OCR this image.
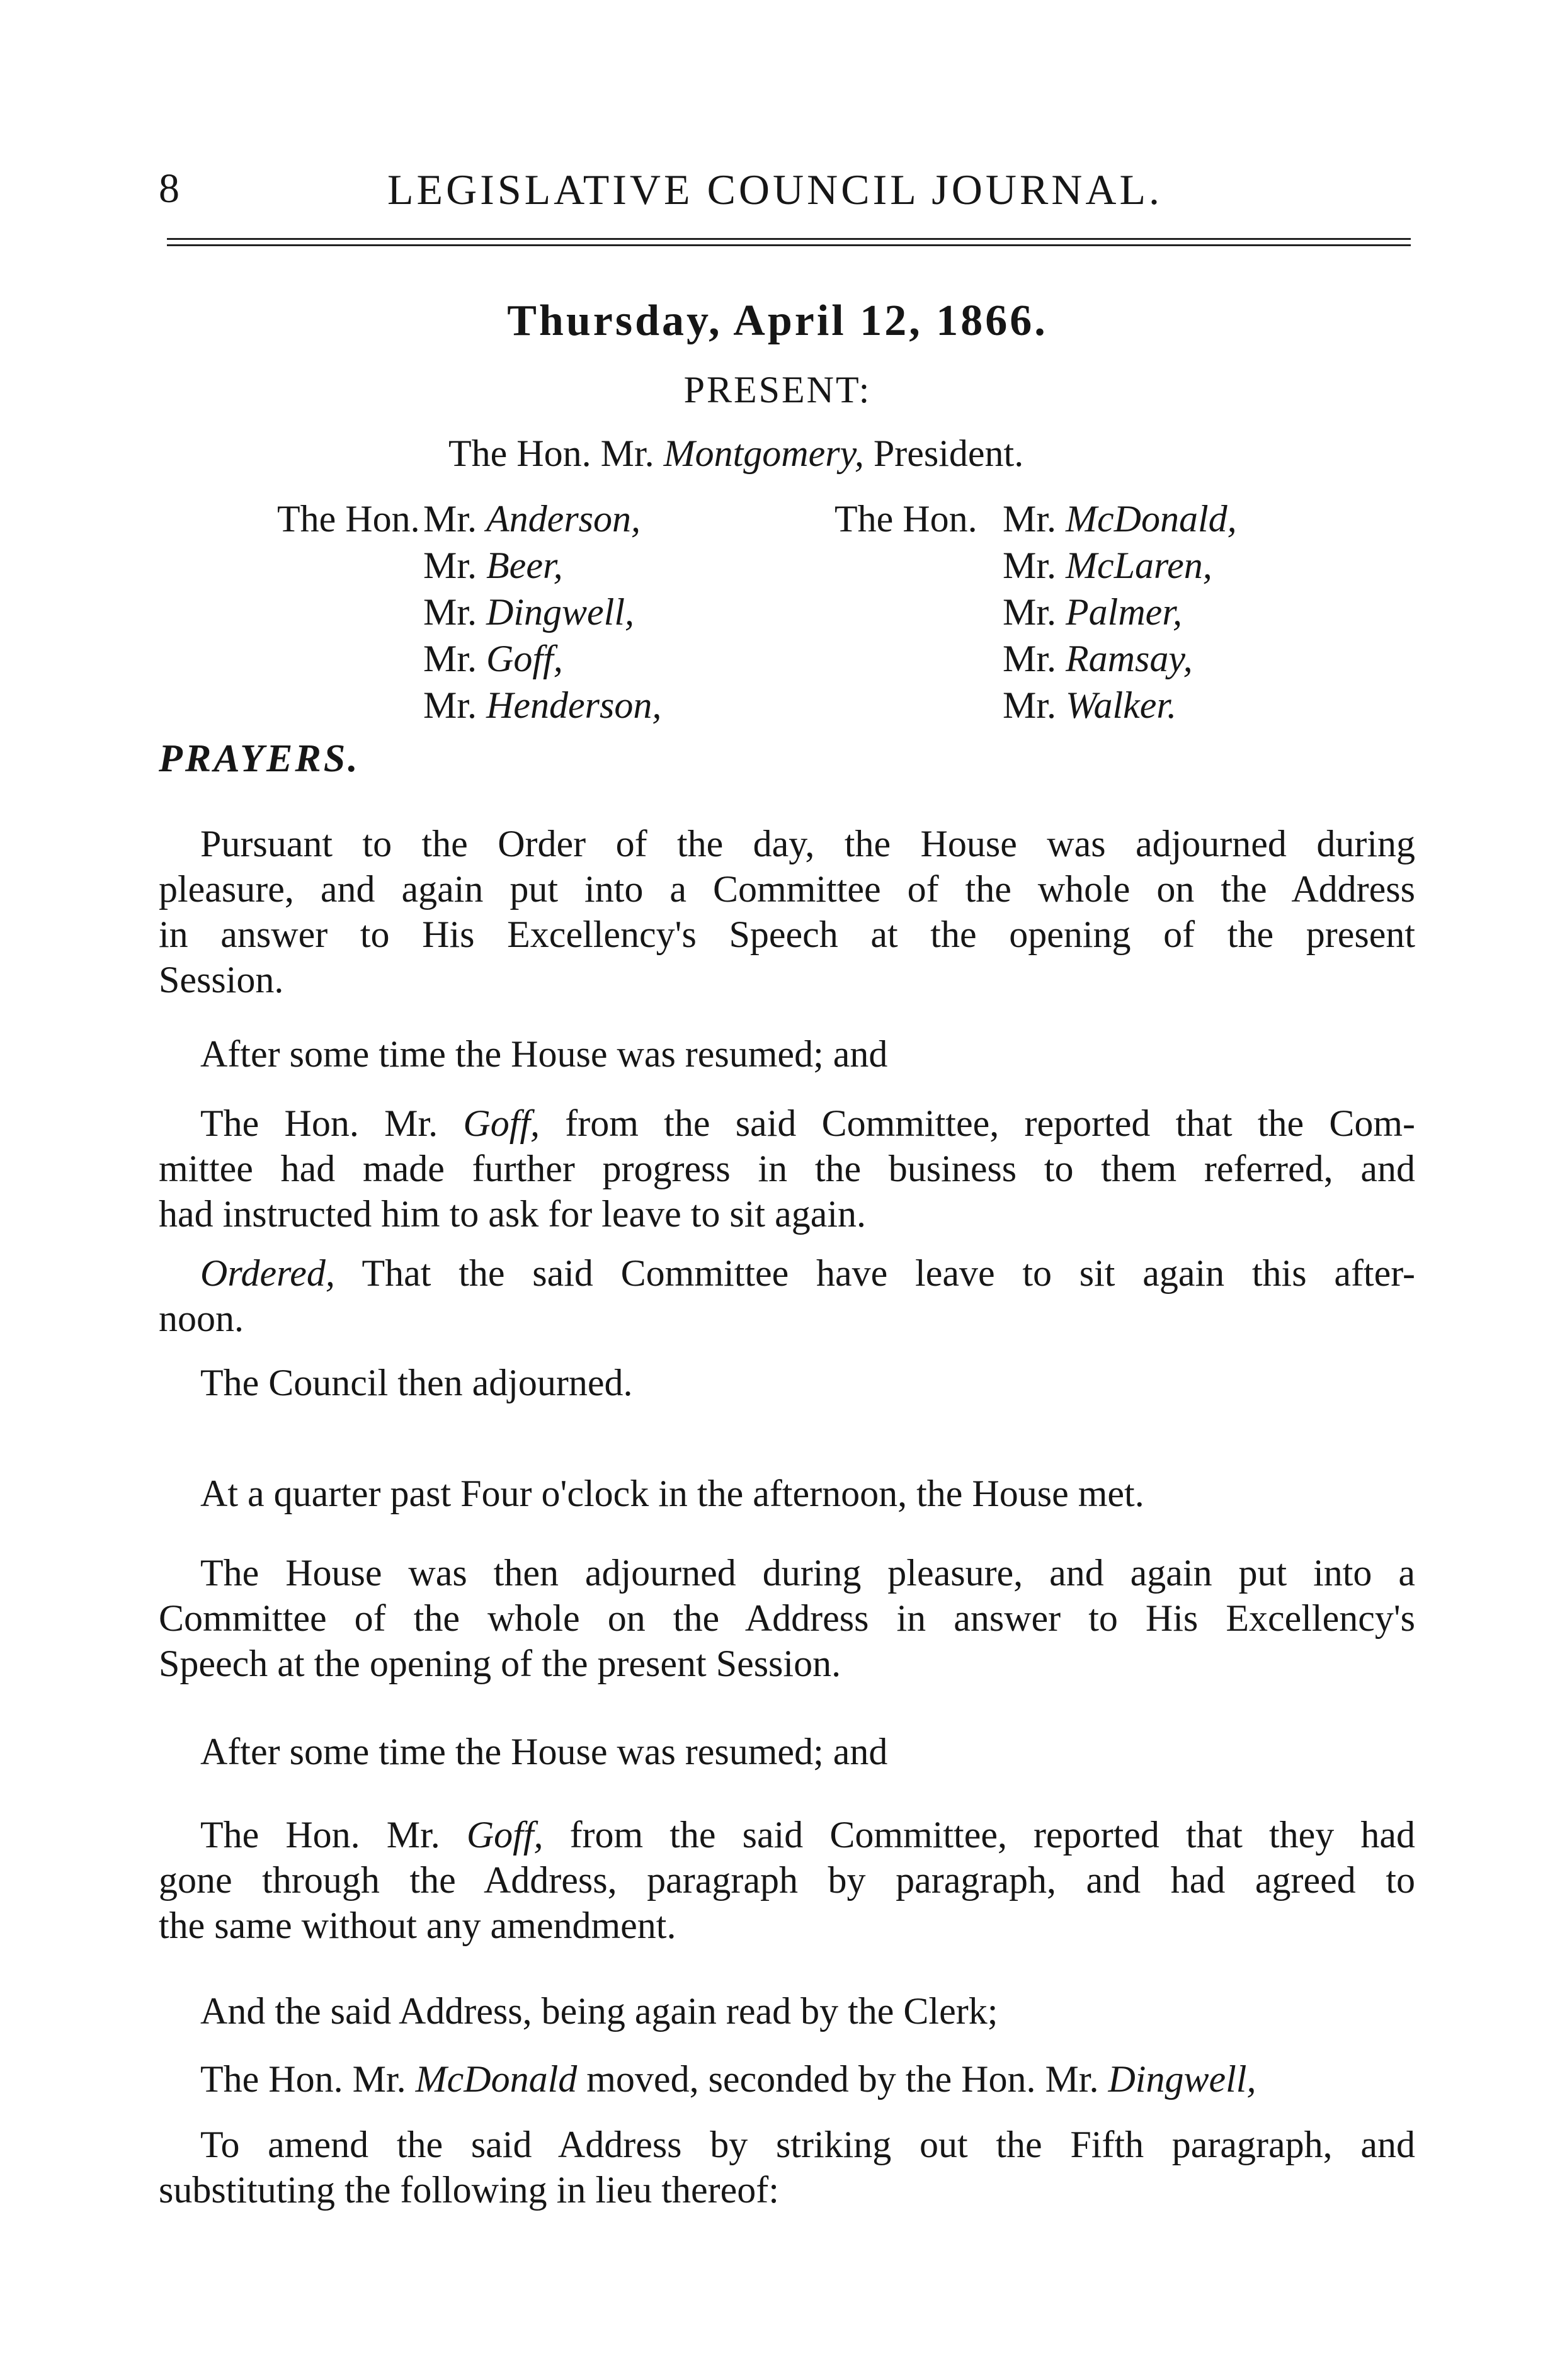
8	LEGISLATIVE COUNCIL JOURNAL.
Thursday, April 12, 1866.
PRESENT:
The Hon. Mr. Montgomery, President.
The Hon. Mr. Anderson,
Mr. Beer,
Mr. Dingwell,
Mr. Goff,
Mr. Henderson,
The Hon. Mr. McDonald,
Mr. McLaren,
Mr. Palmer,
Mr. Ramsay,
Mr. Walker.
PRAYERS.
Pursuant to the Order of the day, the House was adjourned during
pleasure, and again put into a Committee of the whole on the Address
in answer to His Excellency's Speech at the opening of the present
Session.
After some time the House was resumed; and
The Hon. Mr. Goff, from the said Committee, reported that the Com-
mittee had made further progress in the business to them referred, and
had instructed him to ask for leave to sit again.
Ordered, That the said Committee have leave to sit again this after-
noon.
The Council then adjourned.
At a quarter past Four o'clock in the afternoon, the House met.
The House was then adjourned during pleasure, and again put into a
Committee of the whole on the Address in answer to His Excellency's
Speech at the opening of the present Session.
After some time the House was resumed; and
The Hon. Mr. Goff, from the said Committee, reported that they had
gone through the Address, paragraph by paragraph, and had agreed to
the same without any amendment.
And the said Address, being again read by the Clerk;
The Hon. Mr. McDonald moved, seconded by the Hon. Mr. Dingwell,
To amend the said Address by striking out the Fifth paragraph, and
substituting the following in lieu thereof:
